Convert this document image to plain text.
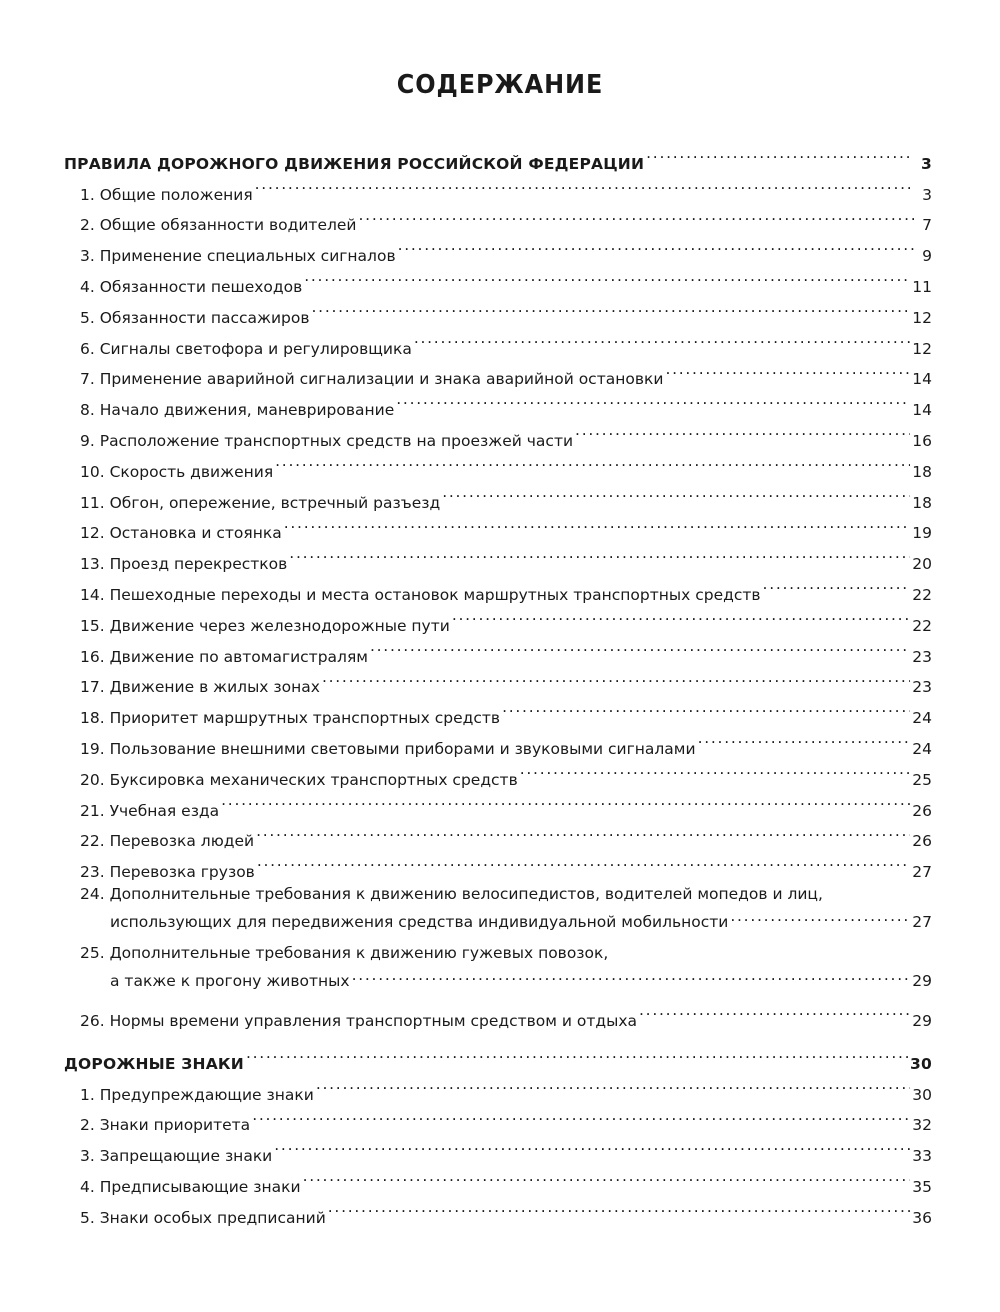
СОДЕРЖАНИЕ
ПРАВИЛА ДОРОЖНОГО ДВИЖЕНИЯ РОССИЙСКОЙ ФЕДЕРАЦИИ . . .	3
1. Общие положения . . .	3
2. Общие обязанности водителей . . .	7
3. Применение специальных сигналов . . .	9
4. Обязанности пешеходов . . .	11
5. Обязанности пассажиров . . .	12
6. Сигналы светофора и регулировщика . . .	12
7. Применение аварийной сигнализации и знака аварийной остановки . . .	14
8. Начало движения, маневрирование . . .	14
9. Расположение транспортных средств на проезжей части . . .	16
10. Скорость движения . . .	18
11. Обгон, опережение, встречный разъезд . . .	18
12. Остановка и стоянка . . .	19
13. Проезд перекрестков . . .	20
14. Пешеходные переходы и места остановок маршрутных транспортных средств . . .	22
15. Движение через железнодорожные пути . . .	22
16. Движение по автомагистралям . . .	23
17. Движение в жилых зонах . . .	23
18. Приоритет маршрутных транспортных средств . . .	24
19. Пользование внешними световыми приборами и звуковыми сигналами . . .	24
20. Буксировка механических транспортных средств . . .	25
21. Учебная езда . . .	26
22. Перевозка людей . . .	26
23. Перевозка грузов . . .	27
24. Дополнительные требования к движению велосипедистов, водителей мопедов и лиц,
использующих для передвижения средства индивидуальной мобильности . . .	27
25. Дополнительные требования к движению гужевых повозок,
а также к прогону животных . . .	29
26. Нормы времени управления транспортным средством и отдыха . . .	29
ДОРОЖНЫЕ ЗНАКИ . . .	30
1. Предупреждающие знаки . . .	30
2. Знаки приоритета . . .	32
3. Запрещающие знаки . . .	33
4. Предписывающие знаки . . .	35
5. Знаки особых предписаний . . .	36
